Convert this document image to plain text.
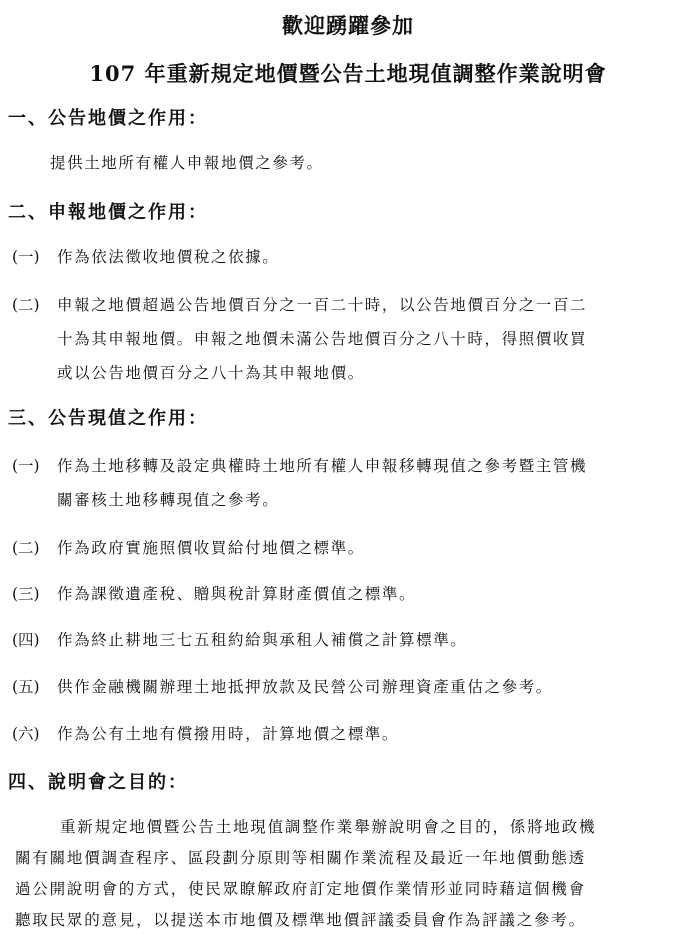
歡迎踴躍參加
107 年重新規定地價暨公告土地現值調整作業說明會
一、公告地價之作用：
提供土地所有權人申報地價之參考。
二、申報地價之作用：
(一) 作為依法徵收地價稅之依據。
(二) 申報之地價超過公告地價百分之一百二十時，以公告地價百分之一百二
十為其申報地價。申報之地價未滿公告地價百分之八十時，得照價收買
或以公告地價百分之八十為其申報地價。
三、公告現值之作用：
(一) 作為土地移轉及設定典權時土地所有權人申報移轉現值之參考暨主管機
關審核土地移轉現值之參考。
(二) 作為政府實施照價收買給付地價之標準。
(三) 作為課徵遺產稅、贈與稅計算財產價值之標準。
(四) 作為終止耕地三七五租約給與承租人補償之計算標準。
(五) 供作金融機關辦理土地抵押放款及民營公司辦理資產重估之參考。
(六) 作為公有土地有償撥用時，計算地價之標準。
四、說明會之目的：
重新規定地價暨公告土地現值調整作業舉辦說明會之目的，係將地政機
關有關地價調查程序、區段劃分原則等相關作業流程及最近一年地價動態透
過公開說明會的方式，使民眾瞭解政府訂定地價作業情形並同時藉這個機會
聽取民眾的意見，以提送本市地價及標準地價評議委員會作為評議之參考。
